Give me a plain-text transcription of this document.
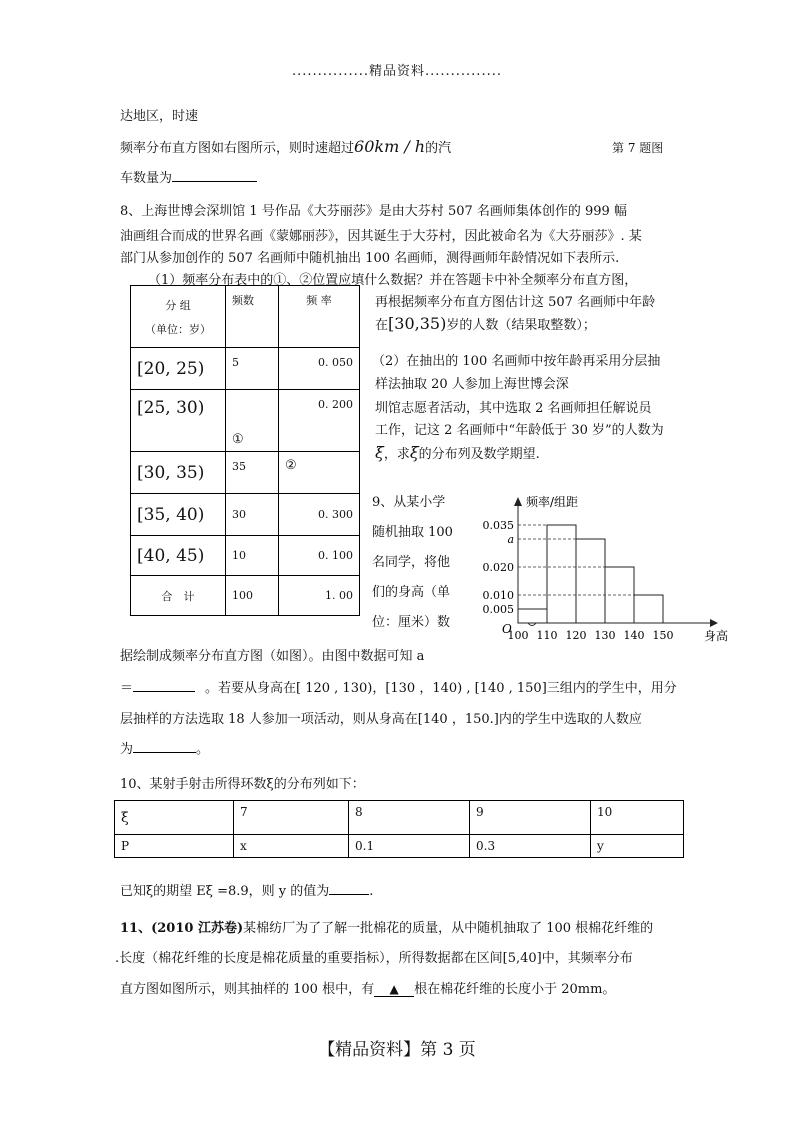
...............精品资料...............
达地区，时速
频率分布直方图如右图所示，则时速超过60km / h的汽	第 7 题图
车数量为
8、上海世博会深圳馆 1 号作品《大芬丽莎》是由大芬村 507 名画师集体创作的 999 幅
油画组合而成的世界名画《蒙娜丽莎》，因其诞生于大芬村，因此被命名为《大芬丽莎》. 某
部门从参加创作的 507 名画师中随机抽出 100 名画师，测得画师年龄情况如下表所示.
（1）频率分布表中的①、②位置应填什么数据？并在答题卡中补全频率分布直方图，
分 组
（单位：岁）	频数	频 率
[20, 25)	5	0. 050
[25, 30)	①	0. 200
[30, 35)	35	②
[35, 40)	30	0. 300
[40, 45)	10	0. 100
合　计	100	1. 00
再根据频率分布直方图估计这 507 名画师中年龄
在[30,35)岁的人数（结果取整数）；
（2）在抽出的 100 名画师中按年龄再采用分层抽
样法抽取 20 人参加上海世博会深
圳馆志愿者活动，其中选取 2 名画师担任解说员
工作，记这 2 名画师中“年龄低于 30 岁”的人数为
ξ，求ξ的分布列及数学期望.
9、从某小学
随机抽取 100
名同学，将他
们的身高（单
位：厘米）数
0.035
a
0.020
0.010
0.005
100 110 120 130 140 150	身高
频率/组距
O
据绘制成频率分布直方图（如图）。由图中数据可知 a
＝	。若要从身高在[ 120 , 130)，[130 ，140) , [140 , 150]三组内的学生中，用分
层抽样的方法选取 18 人参加一项活动，则从身高在[140 ，150.]内的学生中选取的人数应
为	。
10、某射手射击所得环数ξ的分布列如下：
ξ	7	8	9	10
P	x	0.1	0.3	y
已知ξ的期望 Eξ =8.9，则 y 的值为	.
11、(2010 江苏卷)某棉纺厂为了了解一批棉花的质量，从中随机抽取了 100 根棉花纤维的
.长度（棉花纤维的长度是棉花质量的重要指标），所得数据都在区间[5,40]中，其频率分布
直方图如图所示，则其抽样的 100 根中，有 ▲ 根在棉花纤维的长度小于 20mm。
【精品资料】第 3 页
